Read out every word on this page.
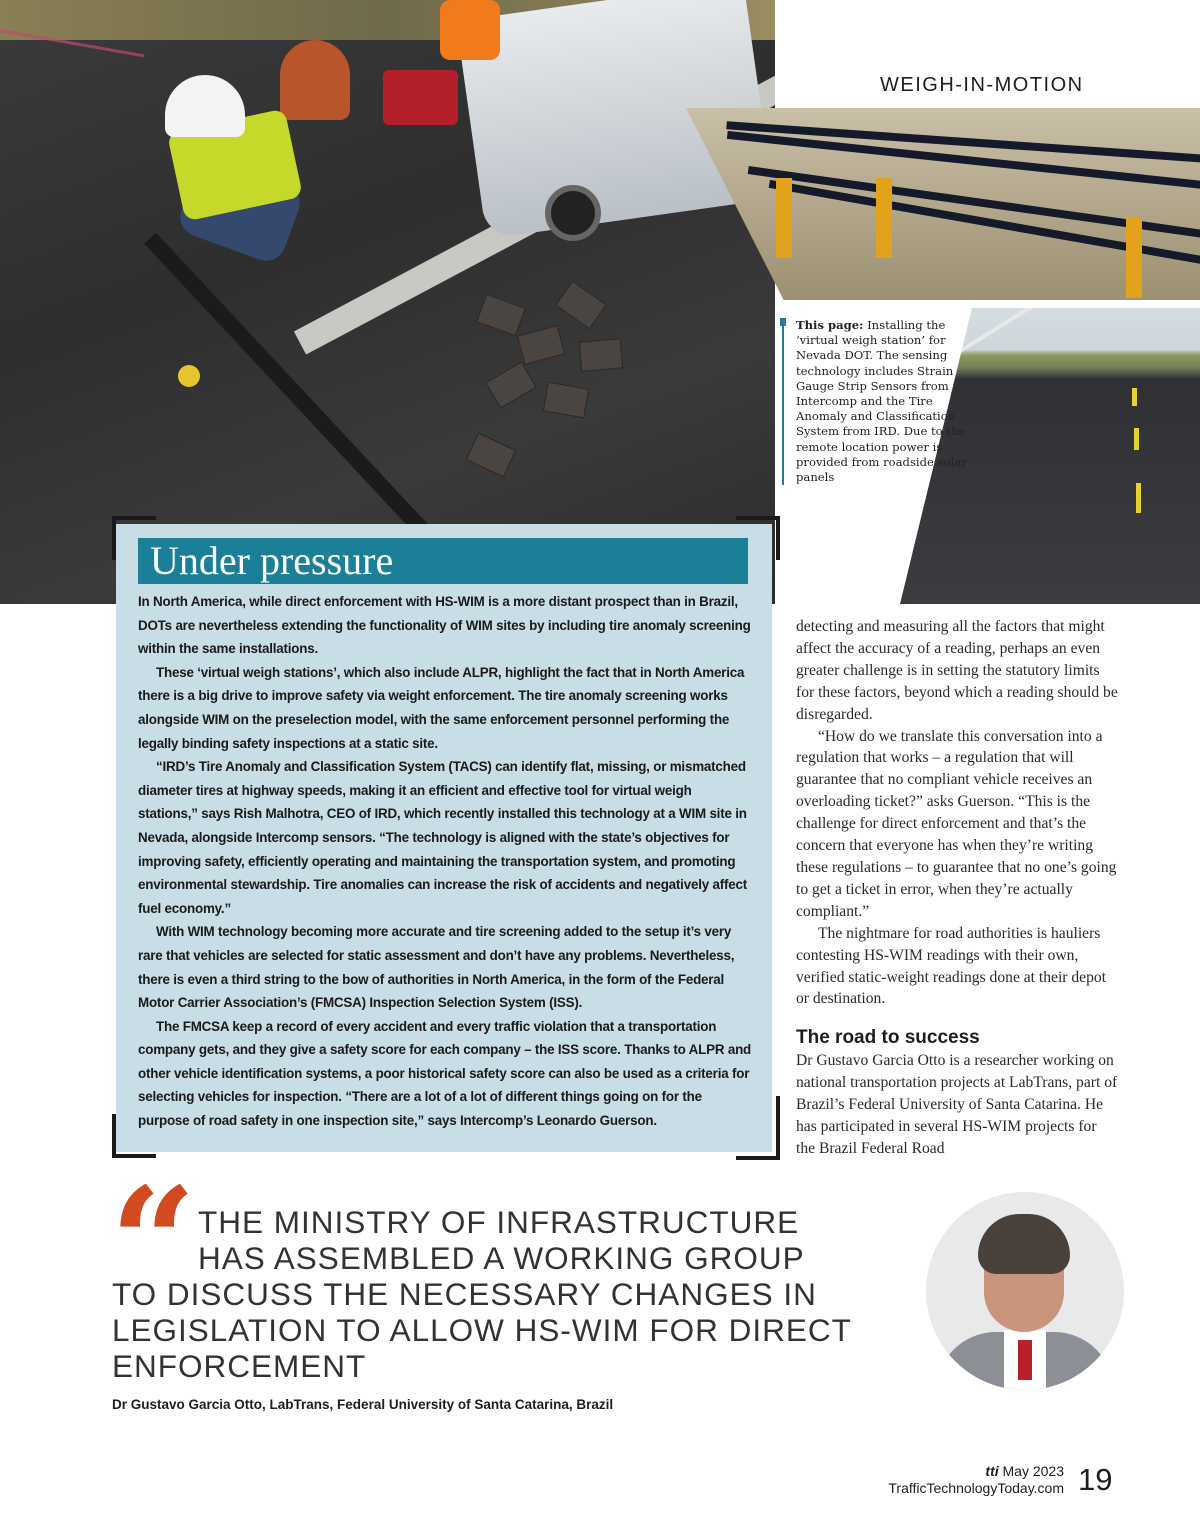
WEIGH-IN-MOTION
This page: Installing the ‘virtual weigh station’ for Nevada DOT. The sensing technology includes Strain Gauge Strip Sensors from Intercomp and the Tire Anomaly and Classification System from IRD. Due to the remote location power is provided from roadside solar panels
Under pressure

In North America, while direct enforcement with HS-WIM is a more distant prospect than in Brazil, DOTs are nevertheless extending the functionality of WIM sites by including tire anomaly screening within the same installations.

These ‘virtual weigh stations’, which also include ALPR, highlight the fact that in North America there is a big drive to improve safety via weight enforcement. The tire anomaly screening works alongside WIM on the preselection model, with the same enforcement personnel performing the legally binding safety inspections at a static site.

“IRD’s Tire Anomaly and Classification System (TACS) can identify flat, missing, or mismatched diameter tires at highway speeds, making it an efficient and effective tool for virtual weigh stations,” says Rish Malhotra, CEO of IRD, which recently installed this technology at a WIM site in Nevada, alongside Intercomp sensors. “The technology is aligned with the state’s objectives for improving safety, efficiently operating and maintaining the transportation system, and promoting environmental stewardship. Tire anomalies can increase the risk of accidents and negatively affect fuel economy.”

With WIM technology becoming more accurate and tire screening added to the setup it’s very rare that vehicles are selected for static assessment and don’t have any problems. Nevertheless, there is even a third string to the bow of authorities in North America, in the form of the Federal Motor Carrier Association’s (FMCSA) Inspection Selection System (ISS).

The FMCSA keep a record of every accident and every traffic violation that a transportation company gets, and they give a safety score for each company – the ISS score. Thanks to ALPR and other vehicle identification systems, a poor historical safety score can also be used as a criteria for selecting vehicles for inspection. “There are a lot of a lot of different things going on for the purpose of road safety in one inspection site,” says Intercomp’s Leonardo Guerson.

detecting and measuring all the factors that might affect the accuracy of a reading, perhaps an even greater challenge is in setting the statutory limits for these factors, beyond which a reading should be disregarded.

“How do we translate this conversation into a regulation that works – a regulation that will guarantee that no compliant vehicle receives an overloading ticket?” asks Guerson. “This is the challenge for direct enforcement and that’s the concern that everyone has when they’re writing these regulations – to guarantee that no one’s going to get a ticket in error, when they’re actually compliant.”

The nightmare for road authorities is hauliers contesting HS-WIM readings with their own, verified static-weight readings done at their depot or destination.

The road to success

Dr Gustavo Garcia Otto is a researcher working on national transportation projects at LabTrans, part of Brazil’s Federal University of Santa Catarina. He has participated in several HS-WIM projects for the Brazil Federal Road

“ THE MINISTRY OF INFRASTRUCTURE
HAS ASSEMBLED A WORKING GROUP
TO DISCUSS THE NECESSARY CHANGES IN LEGISLATION TO ALLOW HS-WIM FOR DIRECT ENFORCEMENT
Dr Gustavo Garcia Otto, LabTrans, Federal University of Santa Catarina, Brazil
tti May 2023
TrafficTechnologyToday.com 19
